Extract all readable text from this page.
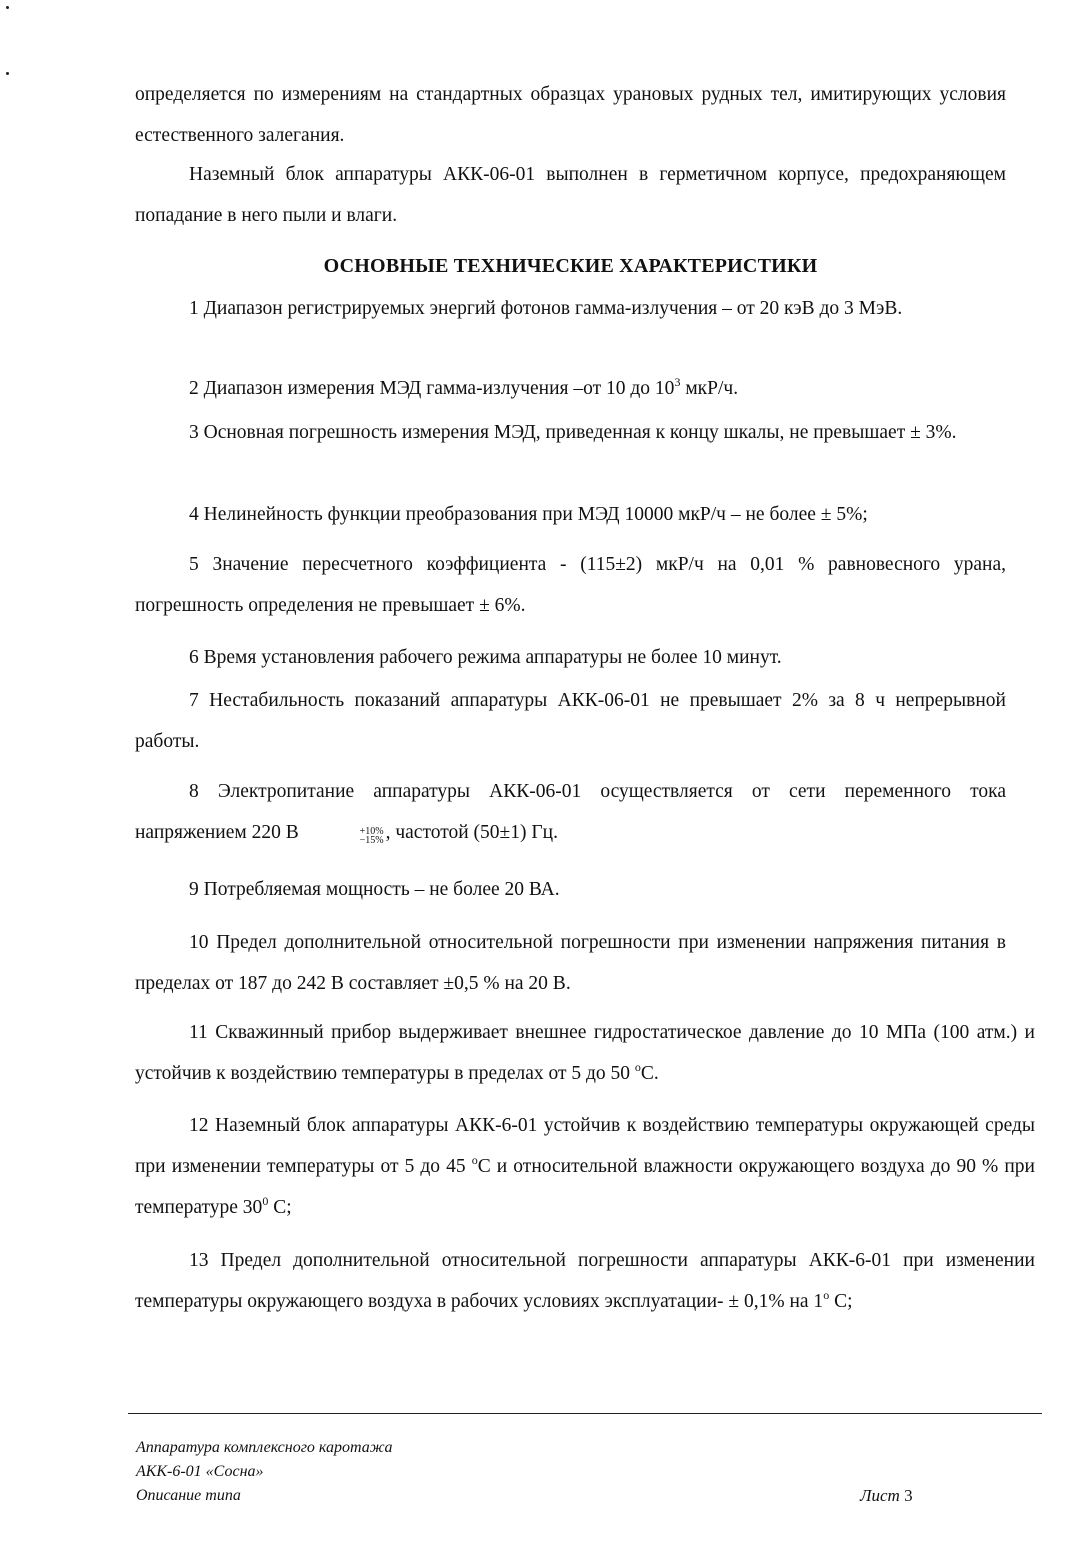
определяется по измерениям на стандартных образцах урановых рудных тел, имитирующих условия естественного залегания.

Наземный блок аппаратуры АКК-06-01 выполнен в герметичном корпусе, предохраняющем попадание в него пыли и влаги.

ОСНОВНЫЕ ТЕХНИЧЕСКИЕ ХАРАКТЕРИСТИКИ

1 Диапазон регистрируемых энергий фотонов гамма-излучения – от 20 кэВ до 3 МэВ.

2 Диапазон измерения МЭД гамма-излучения –от 10 до $10^3$ мкР/ч.

3 Основная погрешность измерения МЭД, приведенная к концу шкалы, не превышает ± 3%.

4 Нелинейность функции преобразования при МЭД 10000 мкР/ч – не более ± 5%;

5 Значение пересчетного коэффициента - (115±2) мкР/ч на 0,01 % равновесного урана, погрешность определения не превышает ± 6%.

6 Время установления рабочего режима аппаратуры не более 10 минут.

7 Нестабильность показаний аппаратуры АКК-06-01 не превышает 2% за 8 ч непрерывной работы.

8 Электропитание аппаратуры АКК-06-01 осуществляется от сети переменного тока напряжением 220 В	+10%
−15% , частотой (50±1) Гц.

9 Потребляемая мощность – не более 20 ВА.

10 Предел дополнительной относительной погрешности при изменении напряжения питания в пределах от 187 до 242 В составляет ±0,5 % на 20 В.

11 Скважинный прибор выдерживает внешнее гидростатическое давление до 10 МПа (100 атм.) и устойчив к воздействию температуры в пределах от 5 до 50 $^о$С.

12 Наземный блок аппаратуры АКК-6-01 устойчив к воздействию температуры окружающей среды при изменении температуры от 5 до 45 $^о$С и относительной влажности окружающего воздуха до 90 % при температуре $30^0$ С;

13 Предел дополнительной относительной погрешности аппаратуры АКК-6-01 при изменении температуры окружающего воздуха в рабочих условиях эксплуатации- ± 0,1% на $1^о$ С;

Аппаратура комплексного каротажа
АКК-6-01 «Сосна»
Описание типа	Лист 3
